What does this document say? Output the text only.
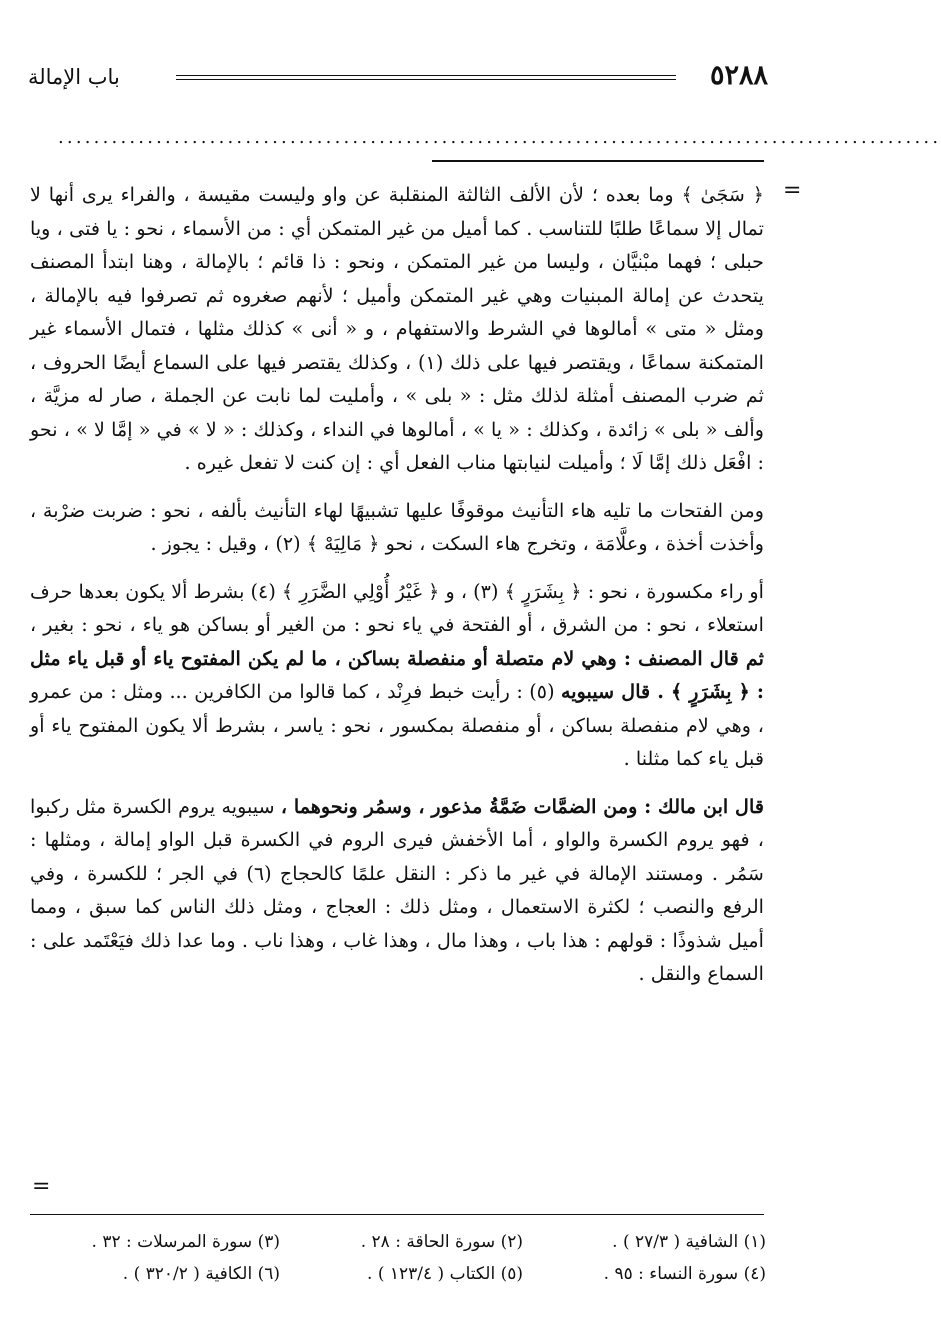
٥٢٨٨
باب الإمالة
...................................................................................................
=

﴿ سَجَىٰ ﴾ وما بعده ؛ لأن الألف الثالثة المنقلبة عن واو وليست مقيسة ، والفراء يرى أنها لا تمال إلا سماعًا طلبًا للتناسب . كما أميل من غير المتمكن أي : من الأسماء ، نحو : يا فتى ، ويا حبلى ؛ فهما مبْنيَّان ، وليسا من غير المتمكن ، ونحو : ذا قائم ؛ بالإمالة ، وهنا ابتدأ المصنف يتحدث عن إمالة المبنيات وهي غير المتمكن وأميل ؛ لأنهم صغروه ثم تصرفوا فيه بالإمالة ، ومثل « متى » أمالوها في الشرط والاستفهام ، و « أنى » كذلك مثلها ، فتمال الأسماء غير المتمكنة سماعًا ، ويقتصر فيها على ذلك (١) ، وكذلك يقتصر فيها على السماع أيضًا الحروف ، ثم ضرب المصنف أمثلة لذلك مثل : « بلى » ، وأمليت لما نابت عن الجملة ، صار له مزيَّة ، وألف « بلى » زائدة ، وكذلك : « يا » ، أمالوها في النداء ، وكذلك : « لا » في « إمَّا لا » ، نحو : افْعَل ذلك إمَّا لَا ؛ وأميلت لنيابتها مناب الفعل أي : إن كنت لا تفعل غيره .

ومن الفتحات ما تليه هاء التأنيث موقوفًا عليها تشبيهًا لهاء التأنيث بألفه ، نحو : ضربت ضرْبة ، وأخذت أخذة ، وعلَّامَة ، وتخرج هاء السكت ، نحو ﴿ مَالِيَهْ ﴾ (٢) ، وقيل : يجوز .

أو راء مكسورة ، نحو : ﴿ بِشَرَرٍ ﴾ (٣) ، و ﴿ غَيْرُ أُوْلِي الضَّرَرِ ﴾ (٤) بشرط ألا يكون بعدها حرف استعلاء ، نحو : من الشرق ، أو الفتحة في ياء نحو : من الغير أو بساكن هو ياء ، نحو : بغير ، ثم قال المصنف : وهي لام متصلة أو منفصلة بساكن ، ما لم يكن المفتوح ياء أو قبل ياء مثل : ﴿ بِشَرَرٍ ﴾ . قال سيبويه (٥) : رأيت خبط فرِنْد ، كما قالوا من الكافرين ... ومثل : من عمرو ، وهي لام منفصلة بساكن ، أو منفصلة بمكسور ، نحو : ياسر ، بشرط ألا يكون المفتوح ياء أو قبل ياء كما مثلنا .

قال ابن مالك : ومن الضمَّات ضَمَّةُ مذعور ، وسمُر ونحوهما ، سيبويه يروم الكسرة مثل ركبوا ، فهو يروم الكسرة والواو ، أما الأخفش فيرى الروم في الكسرة قبل الواو إمالة ، ومثلها : سَمُر . ومستند الإمالة في غير ما ذكر : النقل علمًا كالحجاج (٦) في الجر ؛ للكسرة ، وفي الرفع والنصب ؛ لكثرة الاستعمال ، ومثل ذلك : العجاج ، ومثل ذلك الناس كما سبق ، ومما أميل شذوذًا : قولهم : هذا باب ، وهذا مال ، وهذا غاب ، وهذا ناب . وما عدا ذلك فيَعْتَمد على : السماع والنقل .

=
(١) الشافية ( ٢٧/٣ ) .
(٢) سورة الحاقة : ٢٨ .
(٣) سورة المرسلات : ٣٢ .
(٤) سورة النساء : ٩٥ .
(٥) الكتاب ( ١٢٣/٤ ) .
(٦) الكافية ( ٣٢٠/٢ ) .
